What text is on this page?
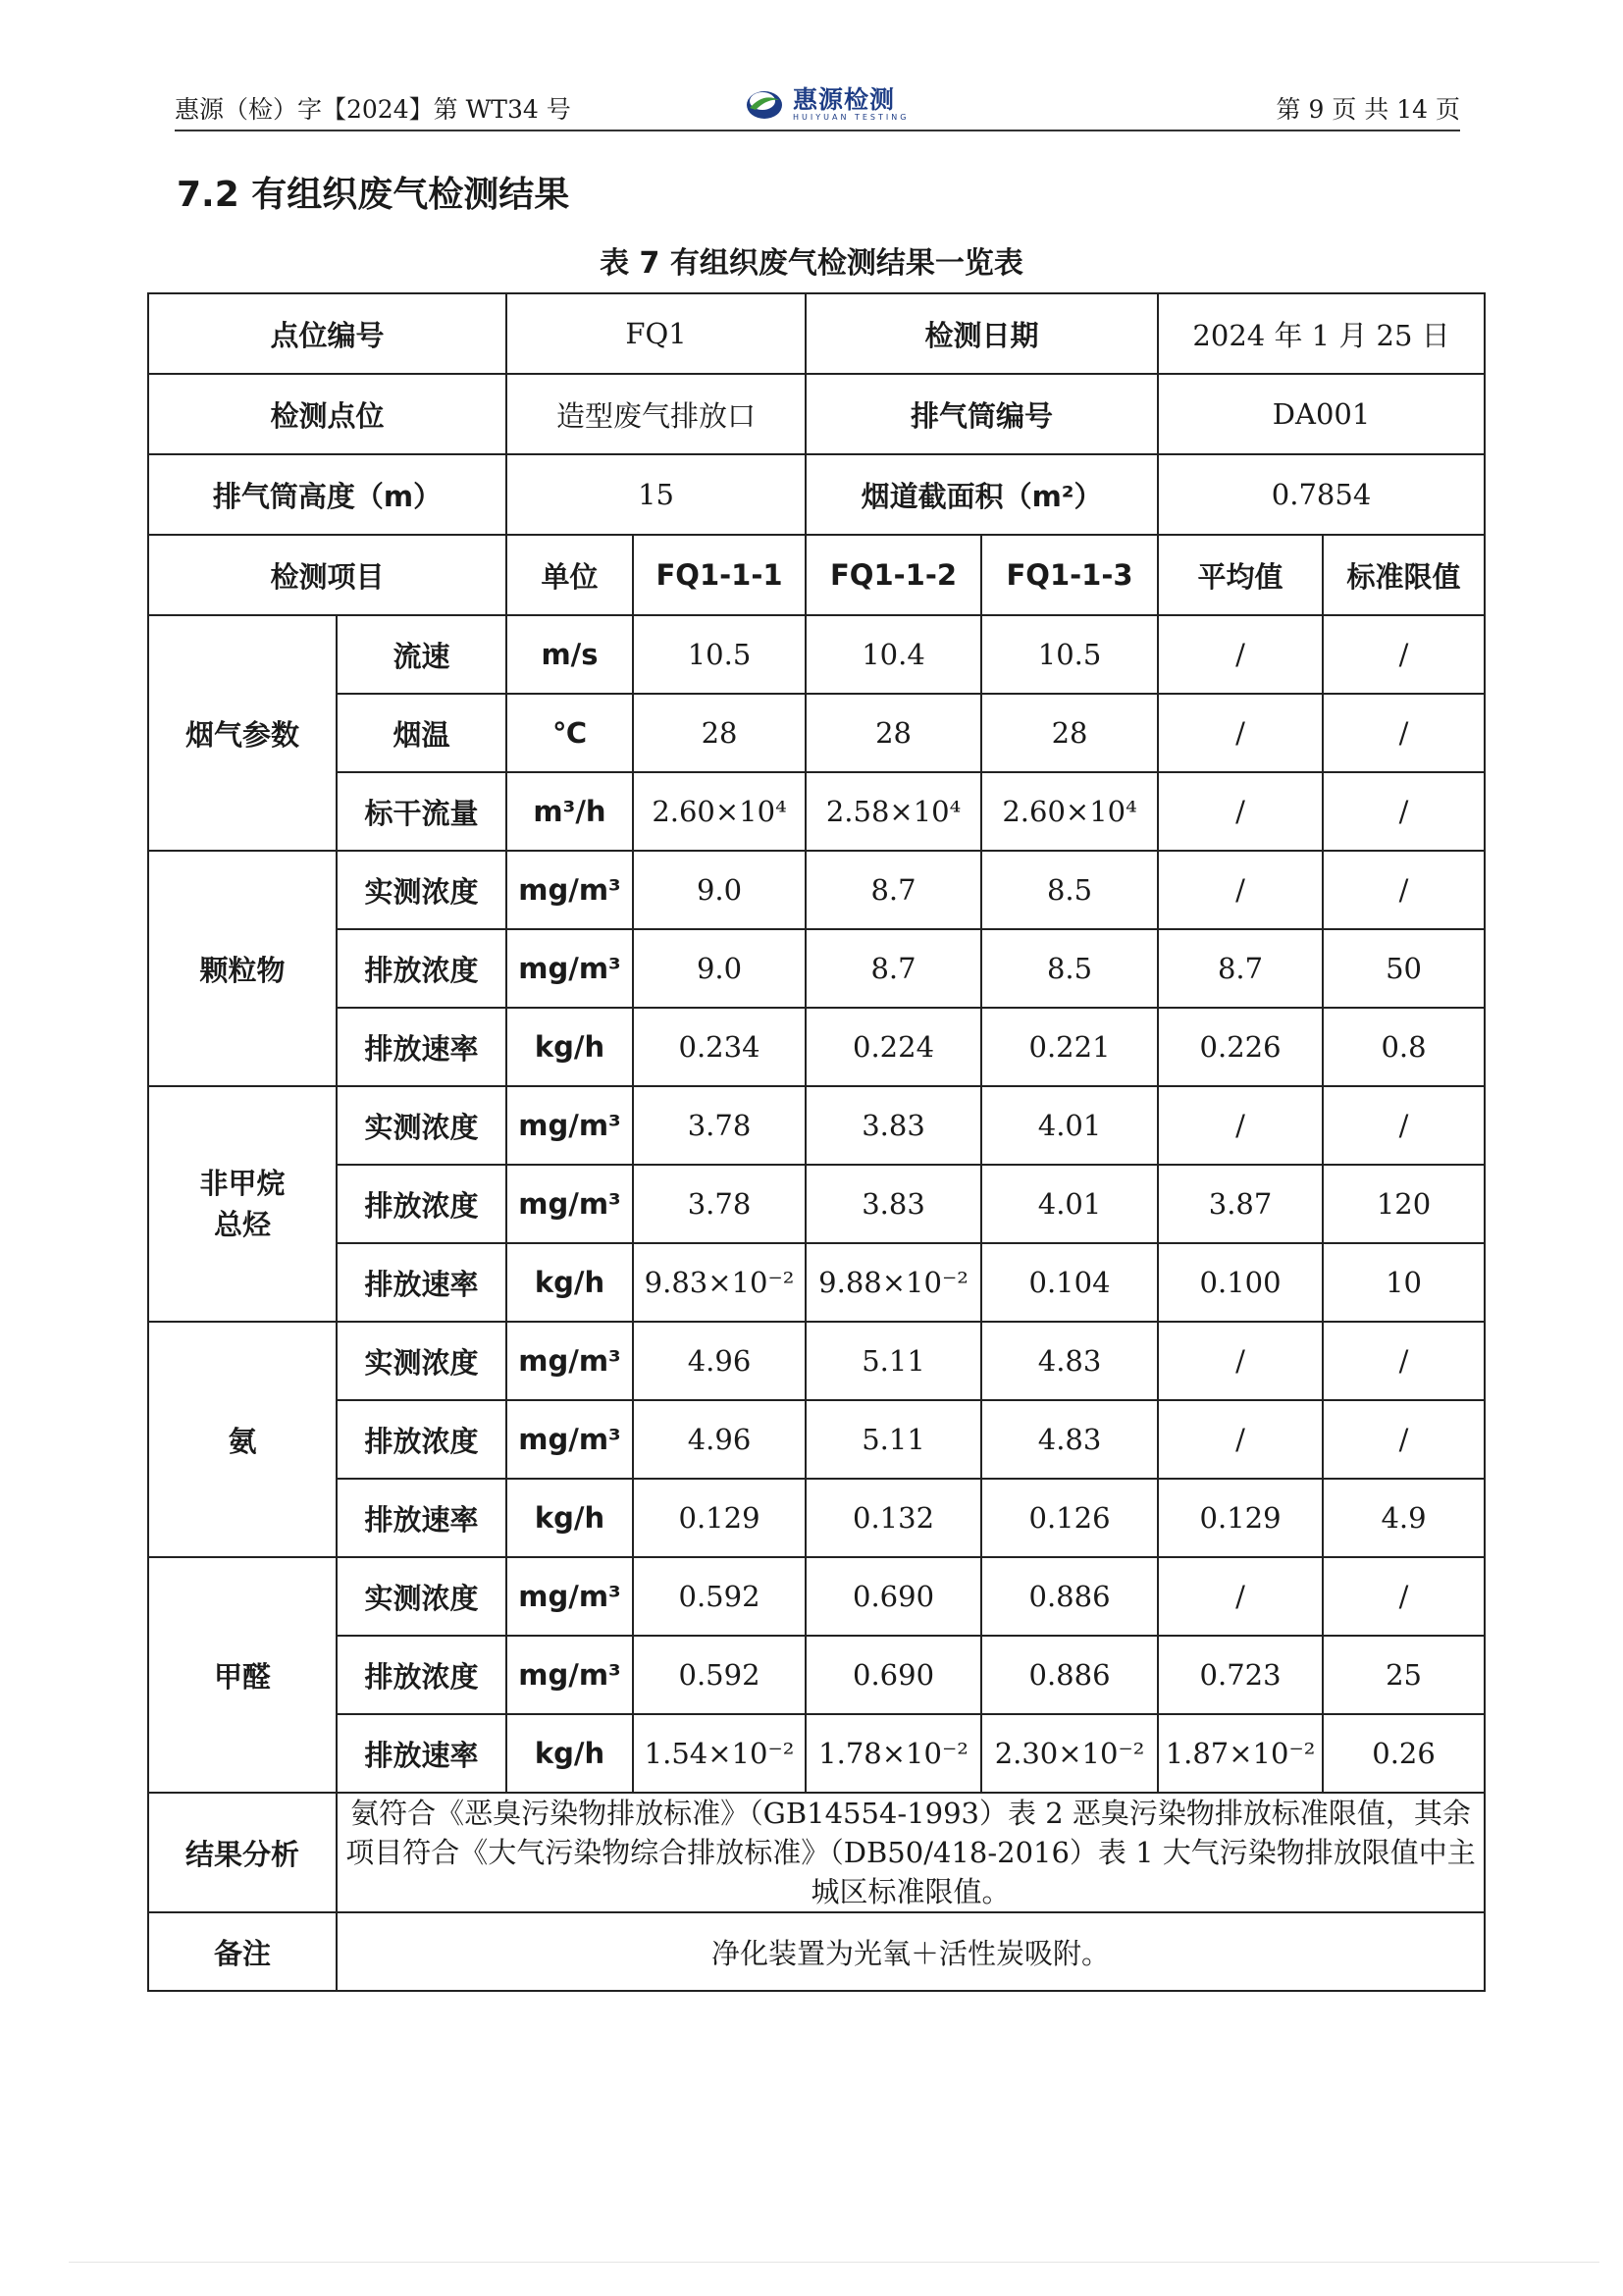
惠源（检）字【2024】第 WT34 号	惠源检测
HUIYUAN TESTING	第 9 页 共 14 页
7.2 有组织废气检测结果
表 7 有组织废气检测结果一览表
点位编号		FQ1		检测日期		2024 年 1 月 25 日	
检测点位		造型废气排放口		排气筒编号		DA001	
排气筒高度（m）		15		烟道截面积（m²）		0.7854	
检测项目		单位	FQ1-1-1	FQ1-1-2	FQ1-1-3	平均值	标准限值
烟气参数	流速	m/s	10.5	10.4	10.5	/	/
	烟温	℃	28	28	28	/	/
	标干流量	m³/h	2.60×10⁴	2.58×10⁴	2.60×10⁴	/	/
颗粒物	实测浓度	mg/m³	9.0	8.7	8.5	/	/
	排放浓度	mg/m³	9.0	8.7	8.5	8.7	50
	排放速率	kg/h	0.234	0.224	0.221	0.226	0.8

非甲烷
总烃	实测浓度	mg/m³	3.78	3.83	4.01	/	/
	排放浓度	mg/m³	3.78	3.83	4.01	3.87	120
	排放速率	kg/h	9.83×10⁻²	9.88×10⁻²	0.104	0.100	10
氨	实测浓度	mg/m³	4.96	5.11	4.83	/	/
	排放浓度	mg/m³	4.96	5.11	4.83	/	/
	排放速率	kg/h	0.129	0.132	0.126	0.129	4.9
甲醛	实测浓度	mg/m³	0.592	0.690	0.886	/	/
	排放浓度	mg/m³	0.592	0.690	0.886	0.723	25
	排放速率	kg/h	1.54×10⁻²	1.78×10⁻²	2.30×10⁻²	1.87×10⁻²	0.26
结果分析	氨符合《恶臭污染物排放标准》（GB14554-1993）表 2 恶臭污染物排放标准限值，其余项目符合《大气污染物综合排放标准》（DB50/418-2016）表 1 大气污染物排放限值中主城区标准限值。						
备注	净化装置为光氧＋活性炭吸附。						
